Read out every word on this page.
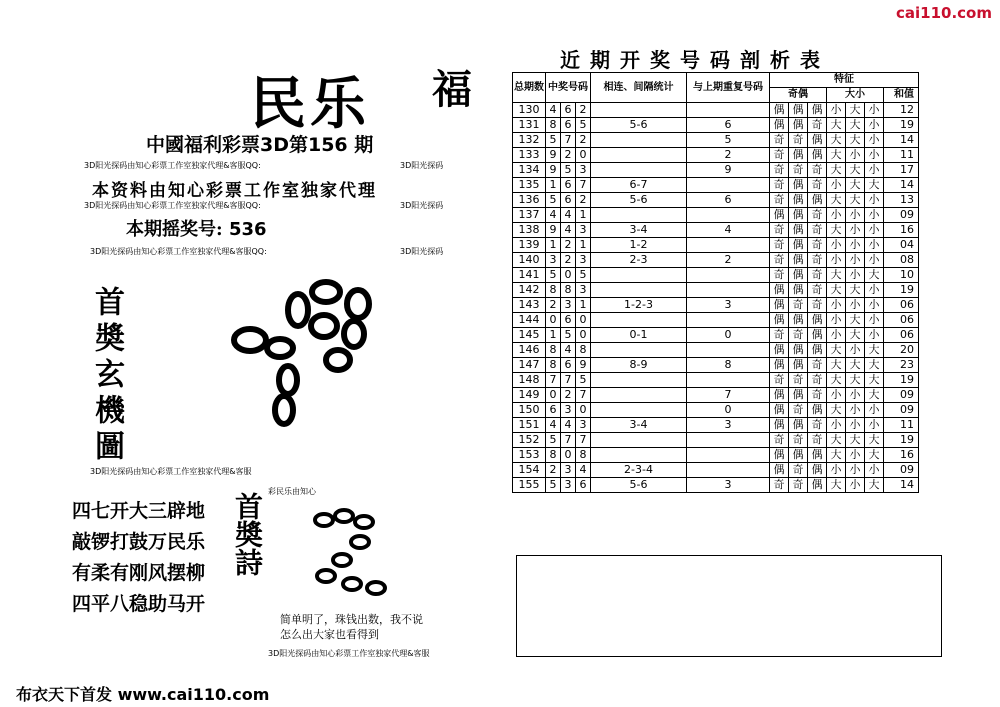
cai110.com
民乐 福
中國福利彩票3D第156 期
3D阳光探码由知心彩票工作室独家代理&客服QQ:	3D阳光探码
本资料由知心彩票工作室独家代理
3D阳光探码由知心彩票工作室独家代理&客服QQ:	3D阳光探码
本期摇奖号: 536
3D阳光探码由知心彩票工作室独家代理&客服QQ:	3D阳光探码
首奬玄機圖
3D阳光探码由知心彩票工作室独家代理&客服
四七开大三辟地
敲锣打鼓万民乐
有柔有刚风摆柳
四平八稳助马开
首奬詩
彩民乐由知心
简单明了，珠钱出数，我不说
怎么出大家也看得到
3D阳光探码由知心彩票工作室独家代理&客服
布衣天下首发 www.cai110.com
近期开奖号码剖析表
总期数	中奖号码			相连、间隔统计	与上期重复号码	特征						
						奇偶			大小			和值
130	4	6	2			偶	偶	偶	小	大	小	12
131	8	6	5	5-6	6	偶	偶	奇	大	大	小	19
132	5	7	2		5	奇	奇	偶	大	大	小	14
133	9	2	0		2	奇	偶	偶	大	小	小	11
134	9	5	3		9	奇	奇	奇	大	大	小	17
135	1	6	7	6-7		奇	偶	奇	小	大	大	14
136	5	6	2	5-6	6	奇	偶	偶	大	大	小	13
137	4	4	1			偶	偶	奇	小	小	小	09
138	9	4	3	3-4	4	奇	偶	奇	大	小	小	16
139	1	2	1	1-2		奇	偶	奇	小	小	小	04
140	3	2	3	2-3	2	奇	偶	奇	小	小	小	08
141	5	0	5			奇	偶	奇	大	小	大	10
142	8	8	3			偶	偶	奇	大	大	小	19
143	2	3	1	1-2-3	3	偶	奇	奇	小	小	小	06
144	0	6	0			偶	偶	偶	小	大	小	06
145	1	5	0	0-1	0	奇	奇	偶	小	大	小	06
146	8	4	8			偶	偶	偶	大	小	大	20
147	8	6	9	8-9	8	偶	偶	奇	大	大	大	23
148	7	7	5			奇	奇	奇	大	大	大	19
149	0	2	7		7	偶	偶	奇	小	小	大	09
150	6	3	0		0	偶	奇	偶	大	小	小	09
151	4	4	3	3-4	3	偶	偶	奇	小	小	小	11
152	5	7	7			奇	奇	奇	大	大	大	19
153	8	0	8			偶	偶	偶	大	小	大	16
154	2	3	4	2-3-4		偶	奇	偶	小	小	小	09
155	5	3	6	5-6	3	奇	奇	偶	大	小	大	14
